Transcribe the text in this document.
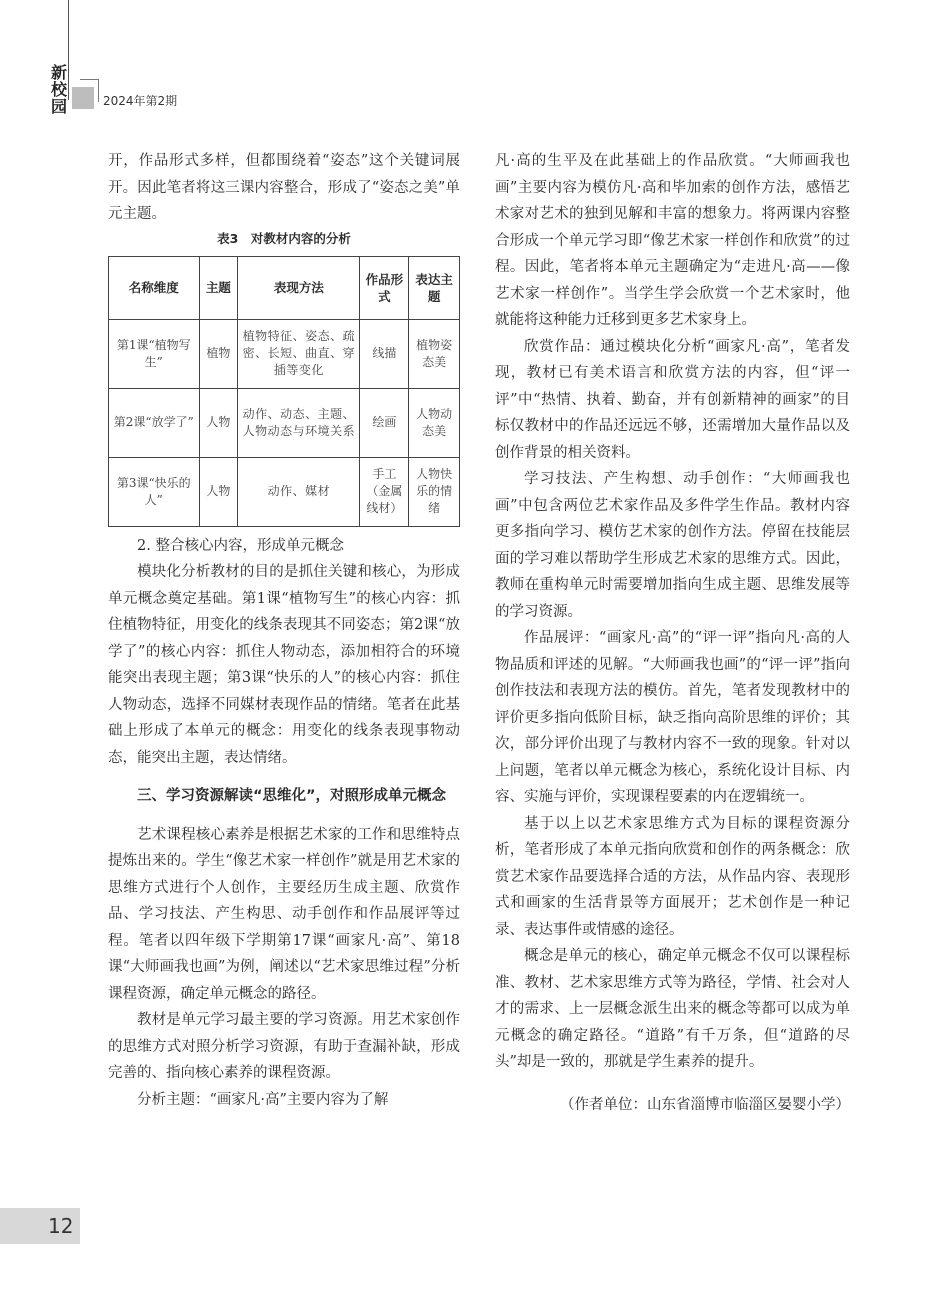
新
校
园	2024年第2期

开，作品形式多样，但都围绕着“姿态”这个关键词展开。因此笔者将这三课内容整合，形成了“姿态之美”单元主题。

表3　对教材内容的分析
名称维度	主题	表现方法	作品形式	表达主题
第1课“植物写生”	植物	植物特征、姿态、疏密、长短、曲直、穿插等变化	线描	植物姿态美
第2课“放学了”	人物	动作、动态、主题、人物动态与环境关系	绘画	人物动态美
第3课“快乐的人”	人物	动作、媒材	手工（金属线材）	人物快乐的情绪

2. 整合核心内容，形成单元概念

模块化分析教材的目的是抓住关键和核心，为形成单元概念奠定基础。第1课“植物写生”的核心内容：抓住植物特征，用变化的线条表现其不同姿态；第2课“放学了”的核心内容：抓住人物动态，添加相符合的环境能突出表现主题；第3课“快乐的人”的核心内容：抓住人物动态，选择不同媒材表现作品的情绪。笔者在此基础上形成了本单元的概念：用变化的线条表现事物动态，能突出主题，表达情绪。

三、学习资源解读“思维化”，对照形成单元概念

艺术课程核心素养是根据艺术家的工作和思维特点提炼出来的。学生“像艺术家一样创作”就是用艺术家的思维方式进行个人创作，主要经历生成主题、欣赏作品、学习技法、产生构思、动手创作和作品展评等过程。笔者以四年级下学期第17课“画家凡·高”、第18课“大师画我也画”为例，阐述以“艺术家思维过程”分析课程资源，确定单元概念的路径。

教材是单元学习最主要的学习资源。用艺术家创作的思维方式对照分析学习资源，有助于查漏补缺，形成完善的、指向核心素养的课程资源。

分析主题：“画家凡·高”主要内容为了解

凡·高的生平及在此基础上的作品欣赏。“大师画我也画”主要内容为模仿凡·高和毕加索的创作方法，感悟艺术家对艺术的独到见解和丰富的想象力。将两课内容整合形成一个单元学习即“像艺术家一样创作和欣赏”的过程。因此，笔者将本单元主题确定为“走进凡·高——像艺术家一样创作”。当学生学会欣赏一个艺术家时，他就能将这种能力迁移到更多艺术家身上。

欣赏作品：通过模块化分析“画家凡·高”，笔者发现，教材已有美术语言和欣赏方法的内容，但“评一评”中“热情、执着、勤奋，并有创新精神的画家”的目标仅教材中的作品还远远不够，还需增加大量作品以及创作背景的相关资料。

学习技法、产生构想、动手创作：“大师画我也画”中包含两位艺术家作品及多件学生作品。教材内容更多指向学习、模仿艺术家的创作方法。停留在技能层面的学习难以帮助学生形成艺术家的思维方式。因此，教师在重构单元时需要增加指向生成主题、思维发展等的学习资源。

作品展评：“画家凡·高”的“评一评”指向凡·高的人物品质和评述的见解。“大师画我也画”的“评一评”指向创作技法和表现方法的模仿。首先，笔者发现教材中的评价更多指向低阶目标，缺乏指向高阶思维的评价；其次，部分评价出现了与教材内容不一致的现象。针对以上问题，笔者以单元概念为核心，系统化设计目标、内容、实施与评价，实现课程要素的内在逻辑统一。

基于以上以艺术家思维方式为目标的课程资源分析，笔者形成了本单元指向欣赏和创作的两条概念：欣赏艺术家作品要选择合适的方法，从作品内容、表现形式和画家的生活背景等方面展开；艺术创作是一种记录、表达事件或情感的途径。

概念是单元的核心，确定单元概念不仅可以课程标准、教材、艺术家思维方式等为路径，学情、社会对人才的需求、上一层概念派生出来的概念等都可以成为单元概念的确定路径。“道路”有千万条，但“道路的尽头”却是一致的，那就是学生素养的提升。

（作者单位：山东省淄博市临淄区晏婴小学）

12
